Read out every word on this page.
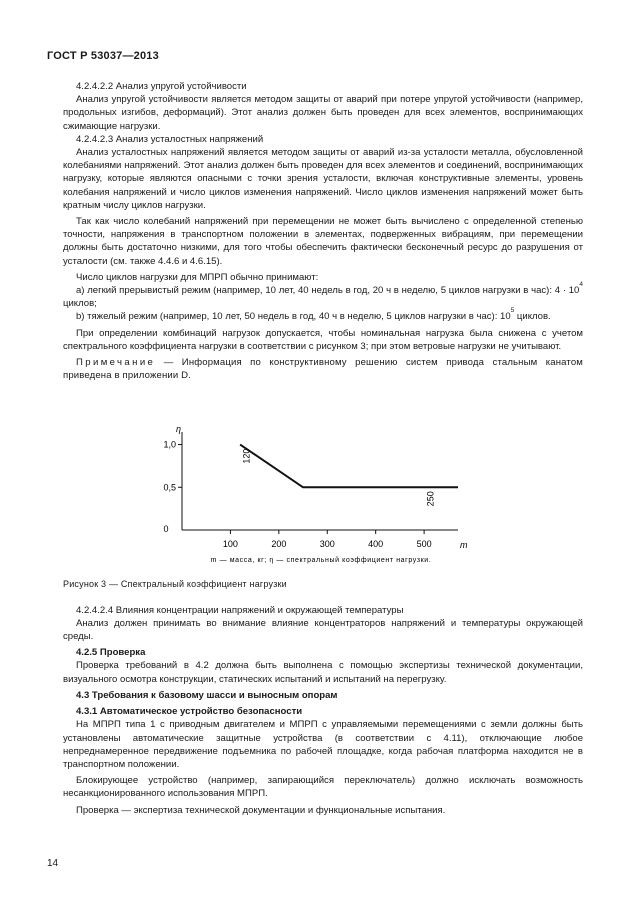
ГОСТ Р 53037—2013

4.2.4.2.2 Анализ упругой устойчивости

Анализ упругой устойчивости является методом защиты от аварий при потере упругой устойчивости (например, продольных изгибов, деформаций). Этот анализ должен быть проведен для всех элементов, воспринимающих сжимающие нагрузки.

4.2.4.2.3 Анализ усталостных напряжений

Анализ усталостных напряжений является методом защиты от аварий из-за усталости металла, обусловленной колебаниями напряжений. Этот анализ должен быть проведен для всех элементов и соединений, воспринимающих нагрузку, которые являются опасными с точки зрения усталости, включая конструктивные элементы, уровень колебания напряжений и число циклов изменения напряжений. Число циклов изменения напряжений может быть кратным числу циклов нагрузки.

Так как число колебаний напряжений при перемещении не может быть вычислено с определенной степенью точности, напряжения в транспортном положении в элементах, подверженных вибрациям, при перемещении должны быть достаточно низкими, для того чтобы обеспечить фактически бесконечный ресурс до разрушения от усталости (см. также 4.4.6 и 4.6.15).

Число циклов нагрузки для МПРП обычно принимают:

a) легкий прерывистый режим (например, 10 лет, 40 недель в год, 20 ч в неделю, 5 циклов нагрузки в час): $4 \cdot 10^4$ циклов;

b) тяжелый режим (например, 10 лет, 50 недель в год, 40 ч в неделю, 5 циклов нагрузки в час): $10^5$ циклов.

При определении комбинаций нагрузок допускается, чтобы номинальная нагрузка была снижена с учетом спектрального коэффициента нагрузки в соответствии с рисунком 3; при этом ветровые нагрузки не учитывают.

Примечание — Информация по конструктивному решению систем привода стальным канатом приведена в приложении D.

η
m
0
100	200	300	400	500
0,5
1,0
120
250
m — масса, кг; η — спектральный коэффициент нагрузки.

Рисунок 3 — Спектральный коэффициент нагрузки

4.2.4.2.4 Влияния концентрации напряжений и окружающей температуры

Анализ должен принимать во внимание влияние концентраторов напряжений и температуры окружающей среды.

4.2.5 Проверка

Проверка требований в 4.2 должна быть выполнена с помощью экспертизы технической документации, визуального осмотра конструкции, статических испытаний и испытаний на перегрузку.

4.3 Требования к базовому шасси и выносным опорам

4.3.1 Автоматическое устройство безопасности

На МПРП типа 1 с приводным двигателем и МПРП с управляемыми перемещениями с земли должны быть установлены автоматические защитные устройства (в соответствии с 4.11), отключающие любое непреднамеренное передвижение подъемника по рабочей площадке, когда рабочая платформа находится не в транспортном положении.

Блокирующее устройство (например, запирающийся переключатель) должно исключать возможность несанкционированного использования МПРП.

Проверка — экспертиза технической документации и функциональные испытания.

14
